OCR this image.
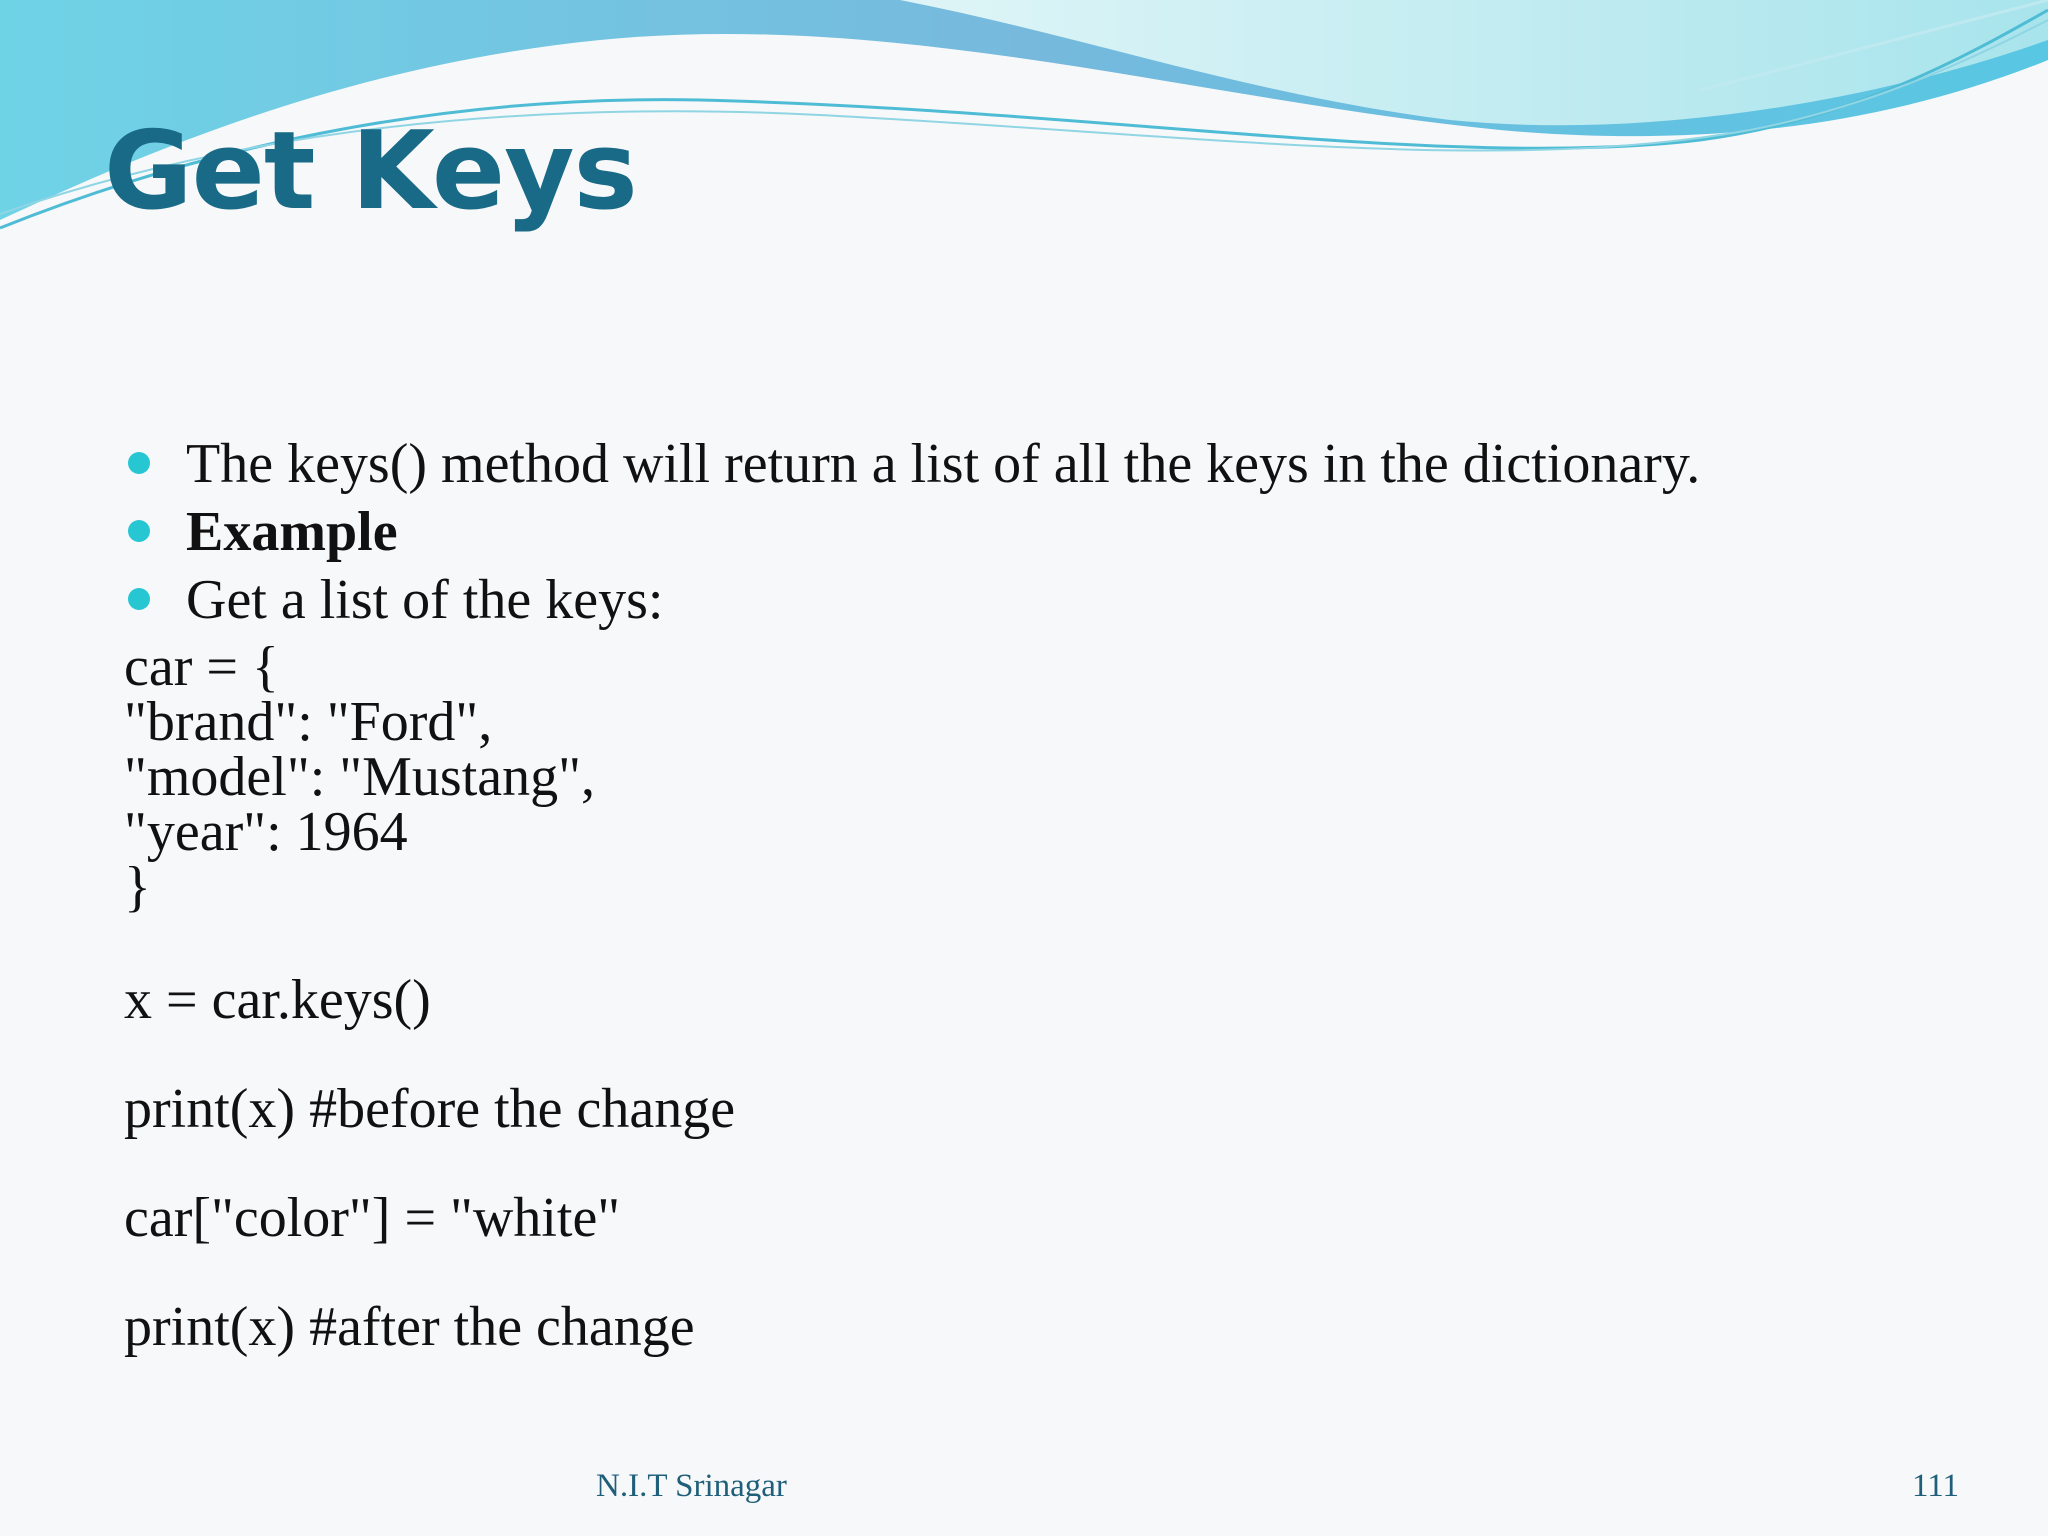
Get Keys
The keys() method will return a list of all the keys in the dictionary.
Example
Get a list of the keys:
car = {
"brand": "Ford",
"model": "Mustang",
"year": 1964
}
x = car.keys()
print(x) #before the change
car["color"] = "white"
print(x) #after the change
N.I.T Srinagar	111
